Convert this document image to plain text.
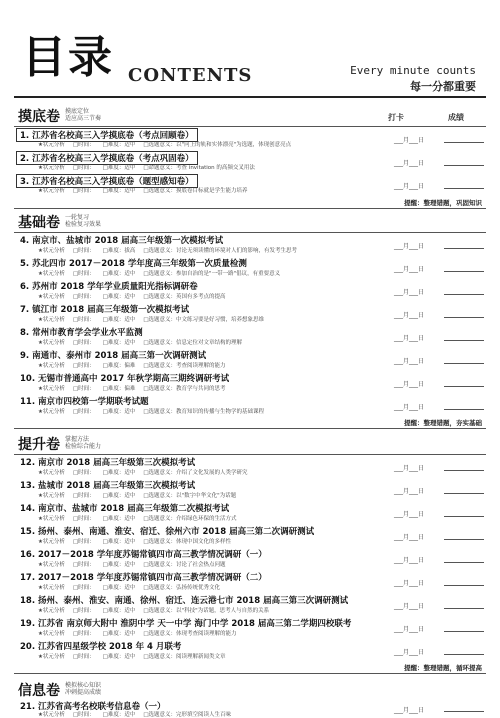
目录 CONTENTS	Every minute counts
每一分都重要
摸底卷 摸底定位
适应高三节奏	打卡	成绩
1. 江苏省名校高三入学摸底卷（考点回顾卷）
★状元分析 □时间： □难度：适中 □选题意义：以"问上的轨和实体漂亮"为选题，体现创意亮点
___月___日
2. 江苏省名校高三入学摸底卷（考点巩固卷）
★状元分析 □时间： □难度：适中 □命题意义：考查 invitation 的高频交叉用法
___月___日
3. 江苏省名校高三入学摸底卷（题型感知卷）
★状元分析 □时间： □难度：适中 □选题意义：摸底卷目标就是学生能力培养
___月___日
提醒：整理错题，巩固知识
基础卷 一轮复习
检验复习效果
4. 南京市、盐城市 2018 届高三年级第一次模拟考试
★状元分析 □时间： □难度：拔高 □选题意义：讨论无须读懂的环境对人们的影响，有发考生思考
___月___日
5. 苏北四市 2017－2018 学年度高三年级第一次质量检测
★状元分析 □时间： □难度：适中 □选题意义：参加自治的是"一带一路"倡议，有重要意义
___月___日
6. 苏州市 2018 学年学业质量阳光指标调研卷
★状元分析 □时间： □难度：适中 □选题意义：英国有多考点的提高
___月___日
7. 镇江市 2018 届高三年级第一次模拟考试
★状元分析 □时间： □难度：适中 □选题意义：中文练习要是好习惯，培养想象思维
___月___日
8. 常州市教育学会学业水平监测
★状元分析 □时间： □难度：适中 □选题意义：信息定位对文章结构的理解
___月___日
9. 南通市、泰州市 2018 届高三第一次调研测试
★状元分析 □时间： □难度：偏难 □选题意义：考查阅读理解的能力
___月___日
10. 无锡市普通高中 2017 年秋学期高三期终调研考试
★状元分析 □时间： □难度：偏难 □选题意义：教育学与共同的思考
___月___日
11. 南京市四校第一学期联考试题
★状元分析 □时间： □难度：适中 □选题意义：教育知识的传播与生物学的基础课程
___月___日
提醒：整理错题，夯实基础
提升卷 掌握方法
检验综合能力
12. 南京市 2018 届高三年级第三次模拟考试
★状元分析 □时间： □难度：适中 □选题意义：介绍了文化发展的人类学研究
___月___日
13. 盐城市 2018 届高三年级第三次模拟考试
★状元分析 □时间： □难度：适中 □选题意义：以"数字中华文化"为话题
___月___日
14. 南京市、盐城市 2018 届高三年级第二次模拟考试
★状元分析 □时间： □难度：适中 □选题意义：介绍绿色环保的生活方式
___月___日
15. 扬州、泰州、南通、淮安、宿迁、徐州六市 2018 届高三第二次调研测试
★状元分析 □时间： □难度：适中 □选题意义：体现中国文化的多样性
___月___日
16. 2017－2018 学年度苏锡常镇四市高三教学情况调研（一）
★状元分析 □时间： □难度：适中 □选题意义：讨论了社会热点问题
___月___日
17. 2017－2018 学年度苏锡常镇四市高三教学情况调研（二）
★状元分析 □时间： □难度：适中 □选题意义：弘扬传统优秀文化
___月___日
18. 扬州、泰州、淮安、南通、徐州、宿迁、连云港七市 2018 届高三第三次调研测试
★状元分析 □时间： □难度：适中 □选题意义：以"科技"为话题，思考人与自然的关系
___月___日
19. 江苏省 南京师大附中 淮阴中学 天一中学 海门中学 2018 届高三第二学期四校联考
★状元分析 □时间： □难度：适中 □选题意义：体现考查阅读理解的能力
___月___日
20. 江苏省四星级学校 2018 年 4 月联考
★状元分析 □时间： □难度：适中 □选题意义：阅读理解新闻类文章
___月___日
提醒：整理错题，循环提高
信息卷 模拟核心知识
冲刺提高成绩
21. 江苏省高考名校联考信息卷（一）
★状元分析 □时间： □难度：适中 □选题意义：完形填空阅读人生百味
___月___日
